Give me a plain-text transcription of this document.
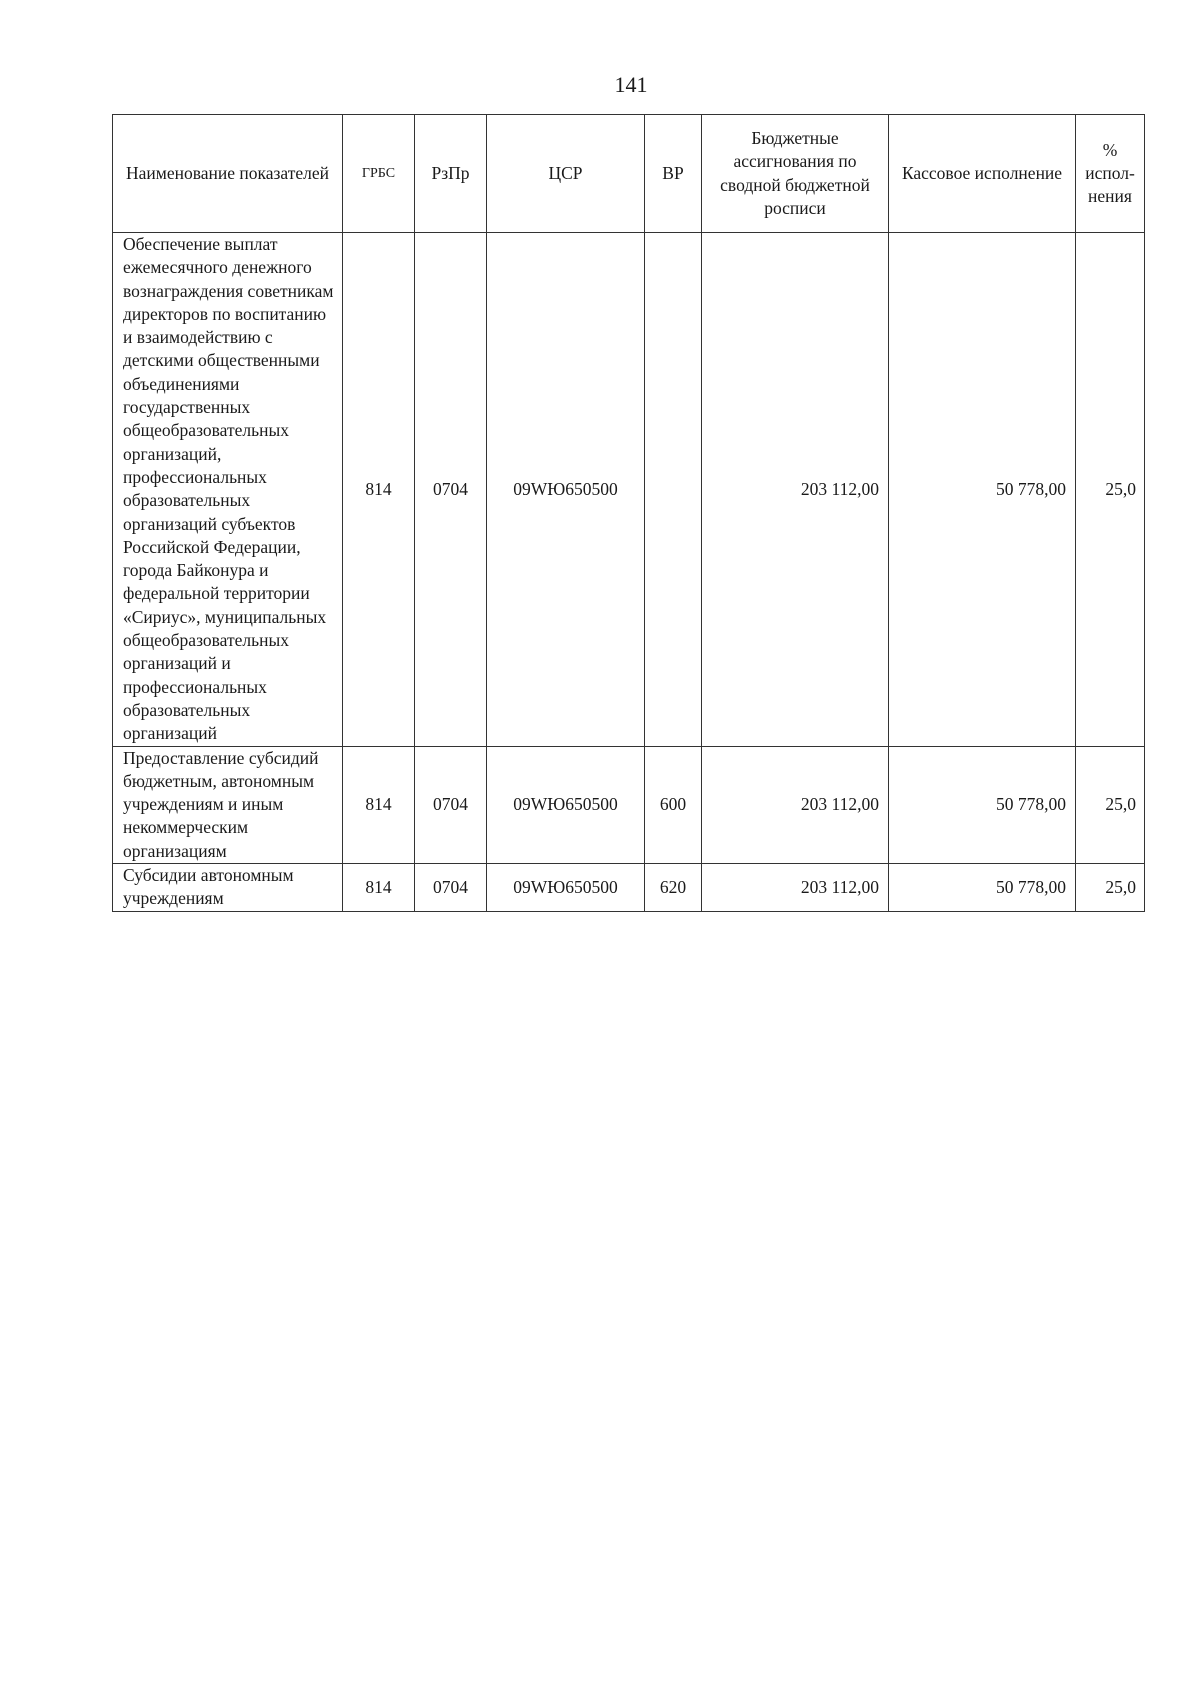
141
Наименование показателей	ГРБС	РзПр	ЦСР	ВР	Бюджетные ассигнования по сводной бюджетной росписи	Кассовое исполнение	% испол-нения
Обеспечение выплат ежемесячного денежного вознаграждения советникам директоров по воспитанию и взаимодействию с детскими общественными объединениями государственных общеобразовательных организаций, профессиональных образовательных организаций субъектов Российской Федерации, города Байконура и федеральной территории «Сириус», муниципальных общеобразовательных организаций и профессиональных образовательных организаций	814	0704	09WЮ650500		203 112,00	50 778,00	25,0
Предоставление субсидий бюджетным, автономным учреждениям и иным некоммерческим организациям	814	0704	09WЮ650500	600	203 112,00	50 778,00	25,0
Субсидии автономным учреждениям	814	0704	09WЮ650500	620	203 112,00	50 778,00	25,0
